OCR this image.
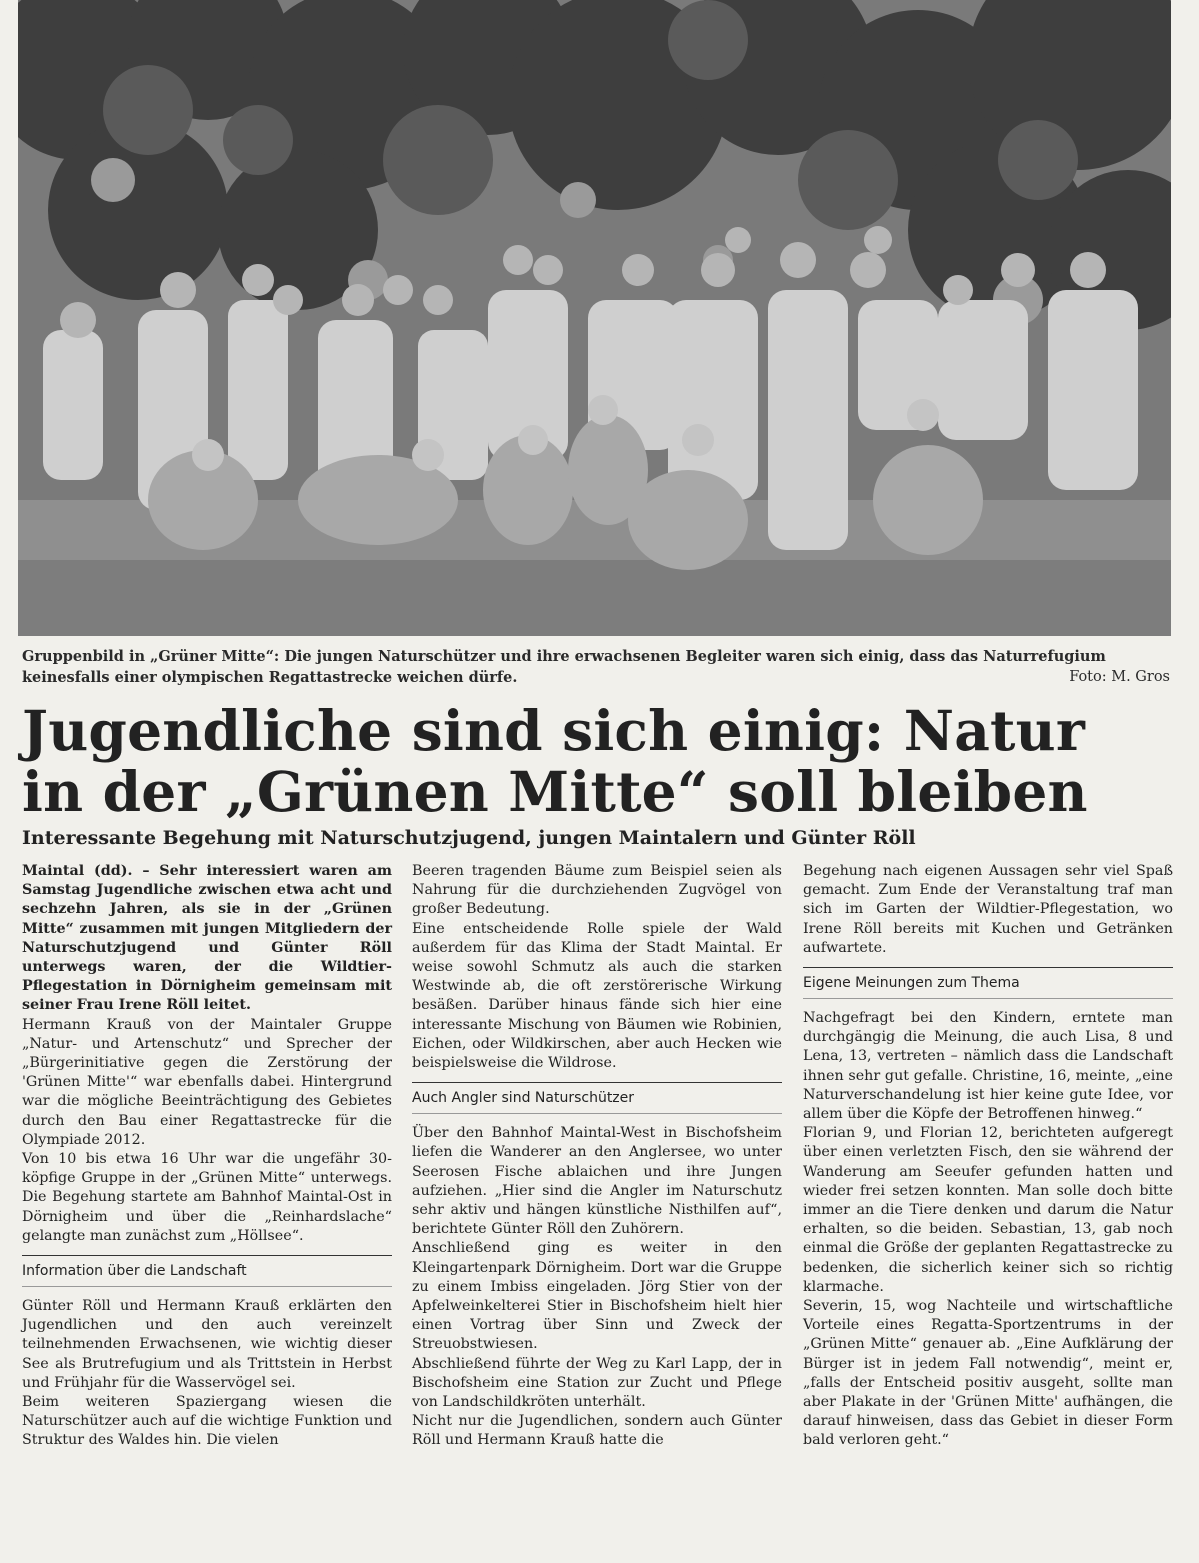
Gruppenbild in „Grüner Mitte“: Die jungen Naturschützer und ihre erwachsenen Begleiter waren sich einig, dass das Naturrefugium keinesfalls einer olympischen Regattastrecke weichen dürfe.	Foto: M. Gros

Jugendliche sind sich einig: Natur
in der „Grünen Mitte“ soll bleiben
Interessante Begehung mit Naturschutzjugend, jungen Maintalern und Günter Röll

Maintal (dd). – Sehr interessiert waren am Samstag Jugendliche zwischen etwa acht und sechzehn Jahren, als sie in der „Grünen Mitte“ zusammen mit jungen Mitgliedern der Naturschutzjugend und Günter Röll unterwegs waren, der die Wildtier-Pflegestation in Dörnigheim gemeinsam mit seiner Frau Irene Röll leitet.

Hermann Krauß von der Maintaler Gruppe „Natur- und Artenschutz“ und Sprecher der „Bürgerinitiative gegen die Zerstörung der 'Grünen Mitte'“ war ebenfalls dabei. Hintergrund war die mögliche Beeinträchtigung des Gebietes durch den Bau einer Regattastrecke für die Olympiade 2012.

Von 10 bis etwa 16 Uhr war die ungefähr 30-köpfige Gruppe in der „Grünen Mitte“ unterwegs. Die Begehung startete am Bahnhof Maintal-Ost in Dörnigheim und über die „Reinhardslache“ gelangte man zunächst zum „Höllsee“.

Information über die Landschaft

Günter Röll und Hermann Krauß erklärten den Jugendlichen und den auch vereinzelt teilnehmenden Erwachsenen, wie wichtig dieser See als Brutrefugium und als Trittstein in Herbst und Frühjahr für die Wasservögel sei.

Beim weiteren Spaziergang wiesen die Naturschützer auch auf die wichtige Funktion und Struktur des Waldes hin. Die vielen

Beeren tragenden Bäume zum Beispiel seien als Nahrung für die durchziehenden Zugvögel von großer Bedeutung.

Eine entscheidende Rolle spiele der Wald außerdem für das Klima der Stadt Maintal. Er weise sowohl Schmutz als auch die starken Westwinde ab, die oft zerstörerische Wirkung besäßen. Darüber hinaus fände sich hier eine interessante Mischung von Bäumen wie Robinien, Eichen, oder Wildkirschen, aber auch Hecken wie beispielsweise die Wildrose.

Auch Angler sind Naturschützer

Über den Bahnhof Maintal-West in Bischofsheim liefen die Wanderer an den Anglersee, wo unter Seerosen Fische ablaichen und ihre Jungen aufziehen. „Hier sind die Angler im Naturschutz sehr aktiv und hängen künstliche Nisthilfen auf“, berichtete Günter Röll den Zuhörern.

Anschließend ging es weiter in den Kleingartenpark Dörnigheim. Dort war die Gruppe zu einem Imbiss eingeladen. Jörg Stier von der Apfelweinkelterei Stier in Bischofsheim hielt hier einen Vortrag über Sinn und Zweck der Streuobstwiesen.

Abschließend führte der Weg zu Karl Lapp, der in Bischofsheim eine Station zur Zucht und Pflege von Landschildkröten unterhält.

Nicht nur die Jugendlichen, sondern auch Günter Röll und Hermann Krauß hatte die

Begehung nach eigenen Aussagen sehr viel Spaß gemacht. Zum Ende der Veranstaltung traf man sich im Garten der Wildtier-Pflegestation, wo Irene Röll bereits mit Kuchen und Getränken aufwartete.

Eigene Meinungen zum Thema

Nachgefragt bei den Kindern, erntete man durchgängig die Meinung, die auch Lisa, 8 und Lena, 13, vertreten – nämlich dass die Landschaft ihnen sehr gut gefalle. Christine, 16, meinte, „eine Naturverschandelung ist hier keine gute Idee, vor allem über die Köpfe der Betroffenen hinweg.“

Florian 9, und Florian 12, berichteten aufgeregt über einen verletzten Fisch, den sie während der Wanderung am Seeufer gefunden hatten und wieder frei setzen konnten. Man solle doch bitte immer an die Tiere denken und darum die Natur erhalten, so die beiden. Sebastian, 13, gab noch einmal die Größe der geplanten Regattastrecke zu bedenken, die sicherlich keiner sich so richtig klarmache.

Severin, 15, wog Nachteile und wirtschaftliche Vorteile eines Regatta-Sportzentrums in der „Grünen Mitte“ genauer ab. „Eine Aufklärung der Bürger ist in jedem Fall notwendig“, meint er, „falls der Entscheid positiv ausgeht, sollte man aber Plakate in der 'Grünen Mitte' aufhängen, die darauf hinweisen, dass das Gebiet in dieser Form bald verloren geht.“
